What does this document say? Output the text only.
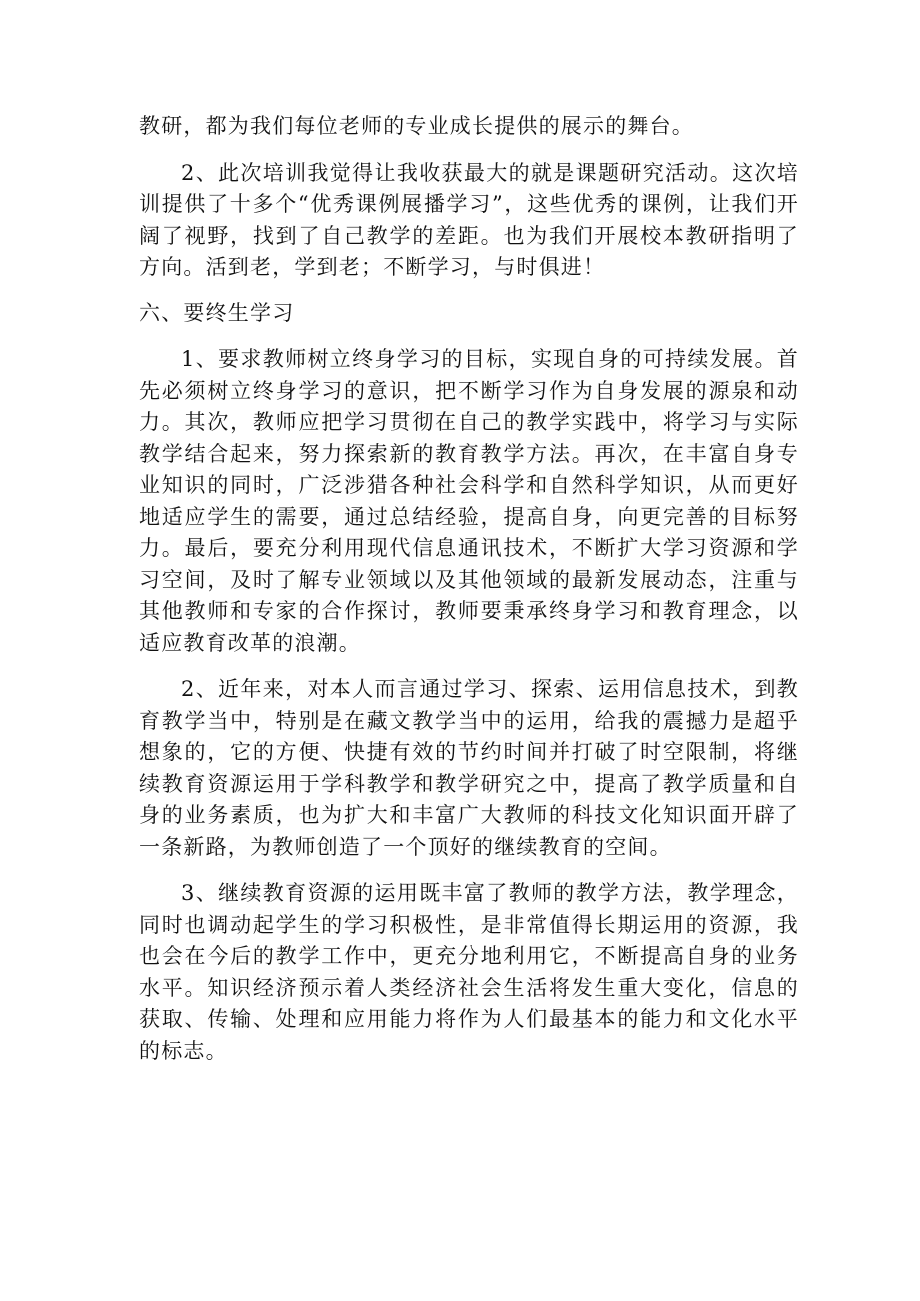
教研，都为我们每位老师的专业成长提供的展示的舞台。

2、此次培训我觉得让我收获最大的就是课题研究活动。这次培训提供了十多个“优秀课例展播学习”，这些优秀的课例，让我们开阔了视野，找到了自己教学的差距。也为我们开展校本教研指明了方向。活到老，学到老；不断学习，与时俱进！

六、要终生学习

1、要求教师树立终身学习的目标，实现自身的可持续发展。首先必须树立终身学习的意识，把不断学习作为自身发展的源泉和动力。其次，教师应把学习贯彻在自己的教学实践中，将学习与实际教学结合起来，努力探索新的教育教学方法。再次，在丰富自身专业知识的同时，广泛涉猎各种社会科学和自然科学知识，从而更好地适应学生的需要，通过总结经验，提高自身，向更完善的目标努力。最后，要充分利用现代信息通讯技术，不断扩大学习资源和学习空间，及时了解专业领域以及其他领域的最新发展动态，注重与其他教师和专家的合作探讨，教师要秉承终身学习和教育理念，以适应教育改革的浪潮。

2、近年来，对本人而言通过学习、探索、运用信息技术，到教育教学当中，特别是在藏文教学当中的运用，给我的震撼力是超乎想象的，它的方便、快捷有效的节约时间并打破了时空限制，将继续教育资源运用于学科教学和教学研究之中，提高了教学质量和自身的业务素质，也为扩大和丰富广大教师的科技文化知识面开辟了一条新路，为教师创造了一个顶好的继续教育的空间。

3、继续教育资源的运用既丰富了教师的教学方法，教学理念，同时也调动起学生的学习积极性，是非常值得长期运用的资源，我也会在今后的教学工作中，更充分地利用它，不断提高自身的业务水平。知识经济预示着人类经济社会生活将发生重大变化，信息的获取、传输、处理和应用能力将作为人们最基本的能力和文化水平的标志。
